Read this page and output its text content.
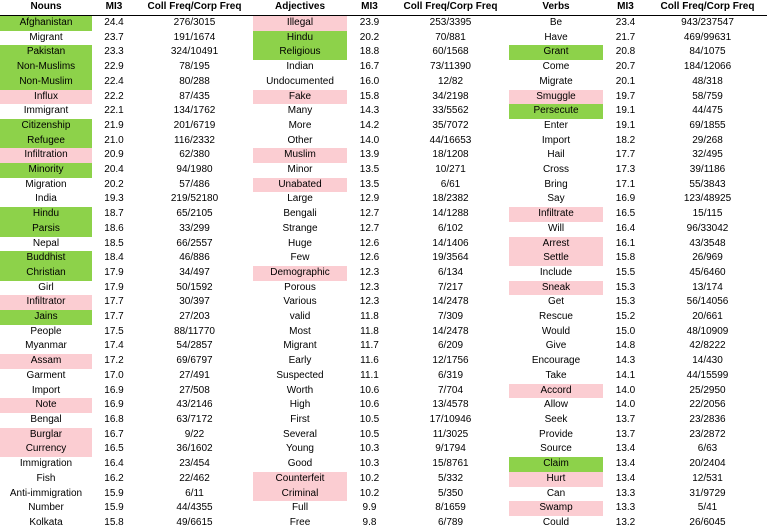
Nouns	MI3	Coll Freq/Corp Freq	Adjectives	MI3	Coll Freq/Corp Freq	Verbs	MI3	Coll Freq/Corp Freq
Afghanistan	24.4	276/3015	Illegal	23.9	253/3395	Be	23.4	943/237547
Migrant	23.7	191/1674	Hindu	20.2	70/881	Have	21.7	469/99631
Pakistan	23.3	324/10491	Religious	18.8	60/1568	Grant	20.8	84/1075
Non-Muslims	22.9	78/195	Indian	16.7	73/11390	Come	20.7	184/12066
Non-Muslim	22.4	80/288	Undocumented	16.0	12/82	Migrate	20.1	48/318
Influx	22.2	87/435	Fake	15.8	34/2198	Smuggle	19.7	58/759
Immigrant	22.1	134/1762	Many	14.3	33/5562	Persecute	19.1	44/475
Citizenship	21.9	201/6719	More	14.2	35/7072	Enter	19.1	69/1855
Refugee	21.0	116/2332	Other	14.0	44/16653	Import	18.2	29/268
Infiltration	20.9	62/380	Muslim	13.9	18/1208	Hail	17.7	32/495
Minority	20.4	94/1980	Minor	13.5	10/271	Cross	17.3	39/1186
Migration	20.2	57/486	Unabated	13.5	6/61	Bring	17.1	55/3843
India	19.3	219/52180	Large	12.9	18/2382	Say	16.9	123/48925
Hindu	18.7	65/2105	Bengali	12.7	14/1288	Infiltrate	16.5	15/115
Parsis	18.6	33/299	Strange	12.7	6/102	Will	16.4	96/33042
Nepal	18.5	66/2557	Huge	12.6	14/1406	Arrest	16.1	43/3548
Buddhist	18.4	46/886	Few	12.6	19/3564	Settle	15.8	26/969
Christian	17.9	34/497	Demographic	12.3	6/134	Include	15.5	45/6460
Girl	17.9	50/1592	Porous	12.3	7/217	Sneak	15.3	13/174
Infiltrator	17.7	30/397	Various	12.3	14/2478	Get	15.3	56/14056
Jains	17.7	27/203	valid	11.8	7/309	Rescue	15.2	20/661
People	17.5	88/11770	Most	11.8	14/2478	Would	15.0	48/10909
Myanmar	17.4	54/2857	Migrant	11.7	6/209	Give	14.8	42/8222
Assam	17.2	69/6797	Early	11.6	12/1756	Encourage	14.3	14/430
Garment	17.0	27/491	Suspected	11.1	6/319	Take	14.1	44/15599
Import	16.9	27/508	Worth	10.6	7/704	Accord	14.0	25/2950
Note	16.9	43/2146	High	10.6	13/4578	Allow	14.0	22/2056
Bengal	16.8	63/7172	First	10.5	17/10946	Seek	13.7	23/2836
Burglar	16.7	9/22	Several	10.5	11/3025	Provide	13.7	23/2872
Currency	16.5	36/1602	Young	10.3	9/1794	Source	13.4	6/63
Immigration	16.4	23/454	Good	10.3	15/8761	Claim	13.4	20/2404
Fish	16.2	22/462	Counterfeit	10.2	5/332	Hurt	13.4	12/531
Anti-immigration	15.9	6/11	Criminal	10.2	5/350	Can	13.3	31/9729
Number	15.9	44/4355	Full	9.9	8/1659	Swamp	13.3	5/41
Kolkata	15.8	49/6615	Free	9.8	6/789	Could	13.2	26/6045
